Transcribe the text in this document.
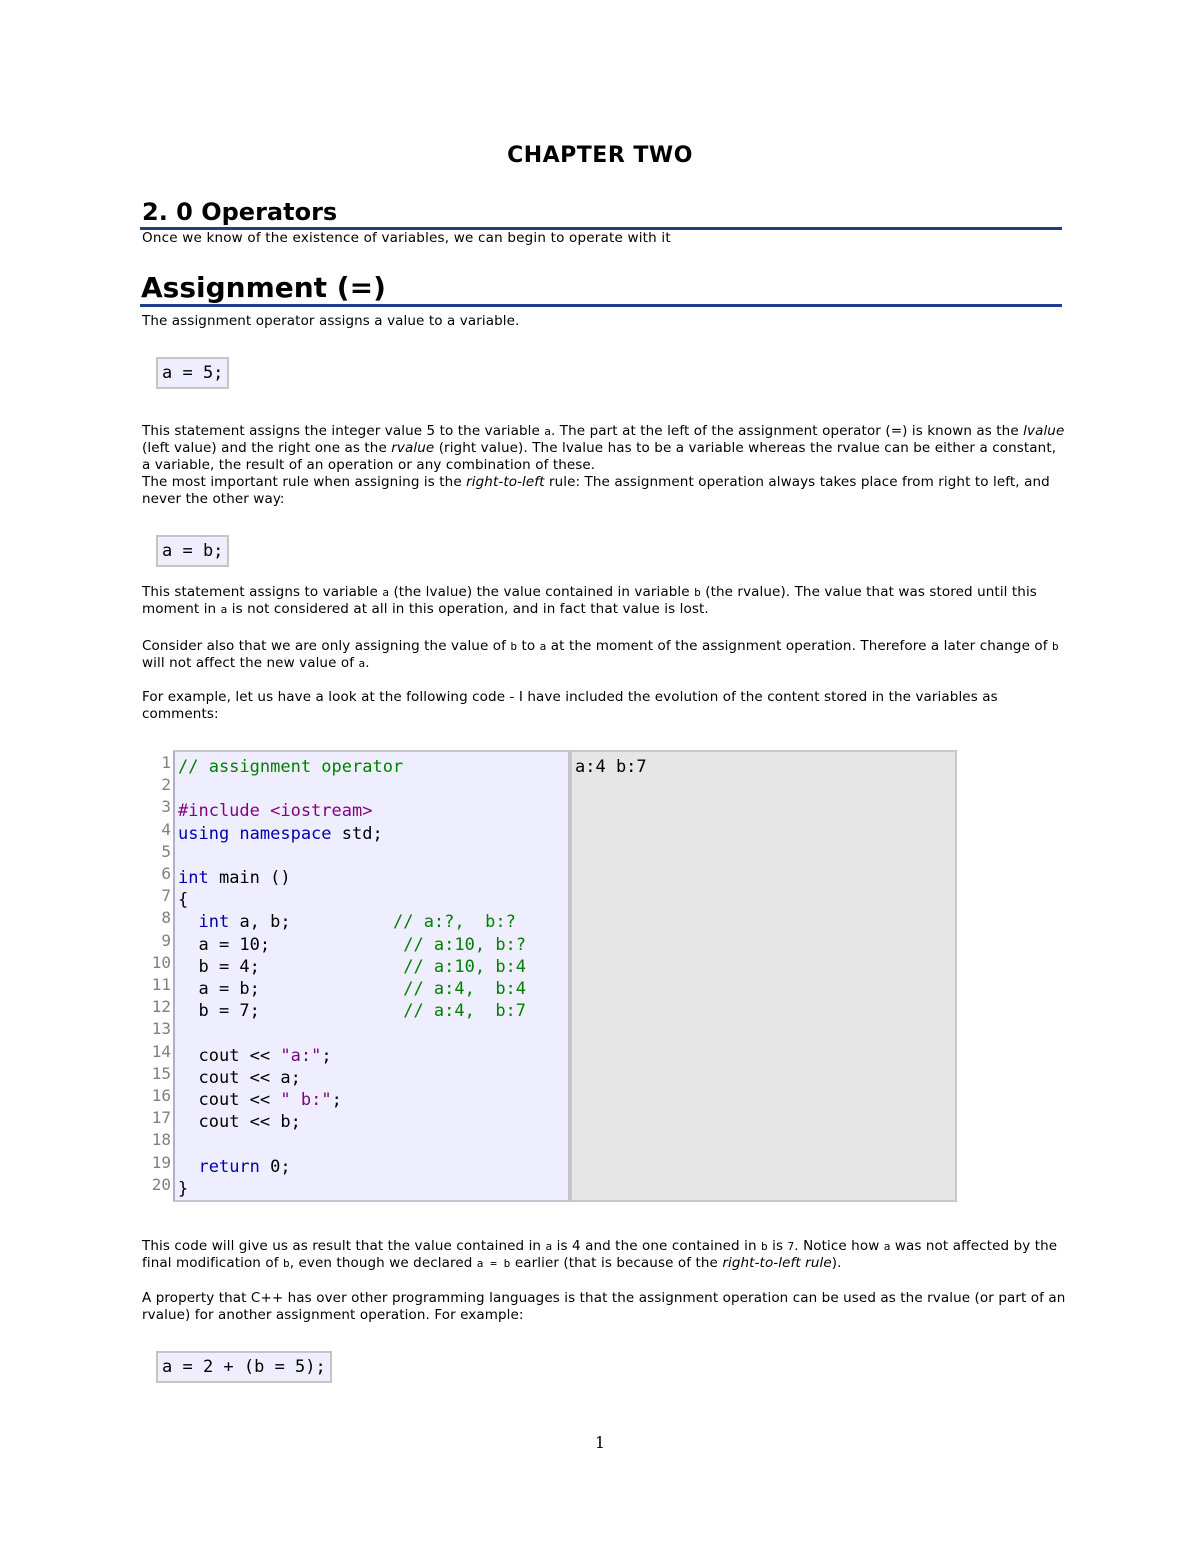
CHAPTER TWO
2. 0 Operators
Once we know of the existence of variables, we can begin to operate with it
Assignment (=)
The assignment operator assigns a value to a variable.
a = 5;

This statement assigns the integer value 5 to the variable a. The part at the left of the assignment operator (=) is known as the lvalue (left value) and the right one as the rvalue (right value). The lvalue has to be a variable whereas the rvalue can be either a constant, a variable, the result of an operation or any combination of these.

The most important rule when assigning is the right-to-left rule: The assignment operation always takes place from right to left, and never the other way:

a = b;

This statement assigns to variable a (the lvalue) the value contained in variable b (the rvalue). The value that was stored until this moment in a is not considered at all in this operation, and in fact that value is lost.

Consider also that we are only assigning the value of b to a at the moment of the assignment operation. Therefore a later change of b will not affect the new value of a.

For example, let us have a look at the following code - I have included the evolution of the content stored in the variables as comments:
1
2
3
4
5
6
7
8
9
10
11
12
13
14
15
16
17
18
19
20
// assignment operator

#include <iostream>
using namespace std;

int main ()
{
int a, b;	// a:?,  b:?
a = 10;	// a:10, b:?
b = 4;	// a:10, b:4
a = b;	// a:4,  b:4
b = 7;	// a:4,  b:7

cout << "a:";
cout << a;
cout << " b:";
cout << b;

return 0;
}
a:4 b:7

This code will give us as result that the value contained in a is 4 and the one contained in b is 7. Notice how a was not affected by the final modification of b, even though we declared a = b earlier (that is because of the right-to-left rule).

A property that C++ has over other programming languages is that the assignment operation can be used as the rvalue (or part of an rvalue) for another assignment operation. For example:
a = 2 + (b = 5);
1
